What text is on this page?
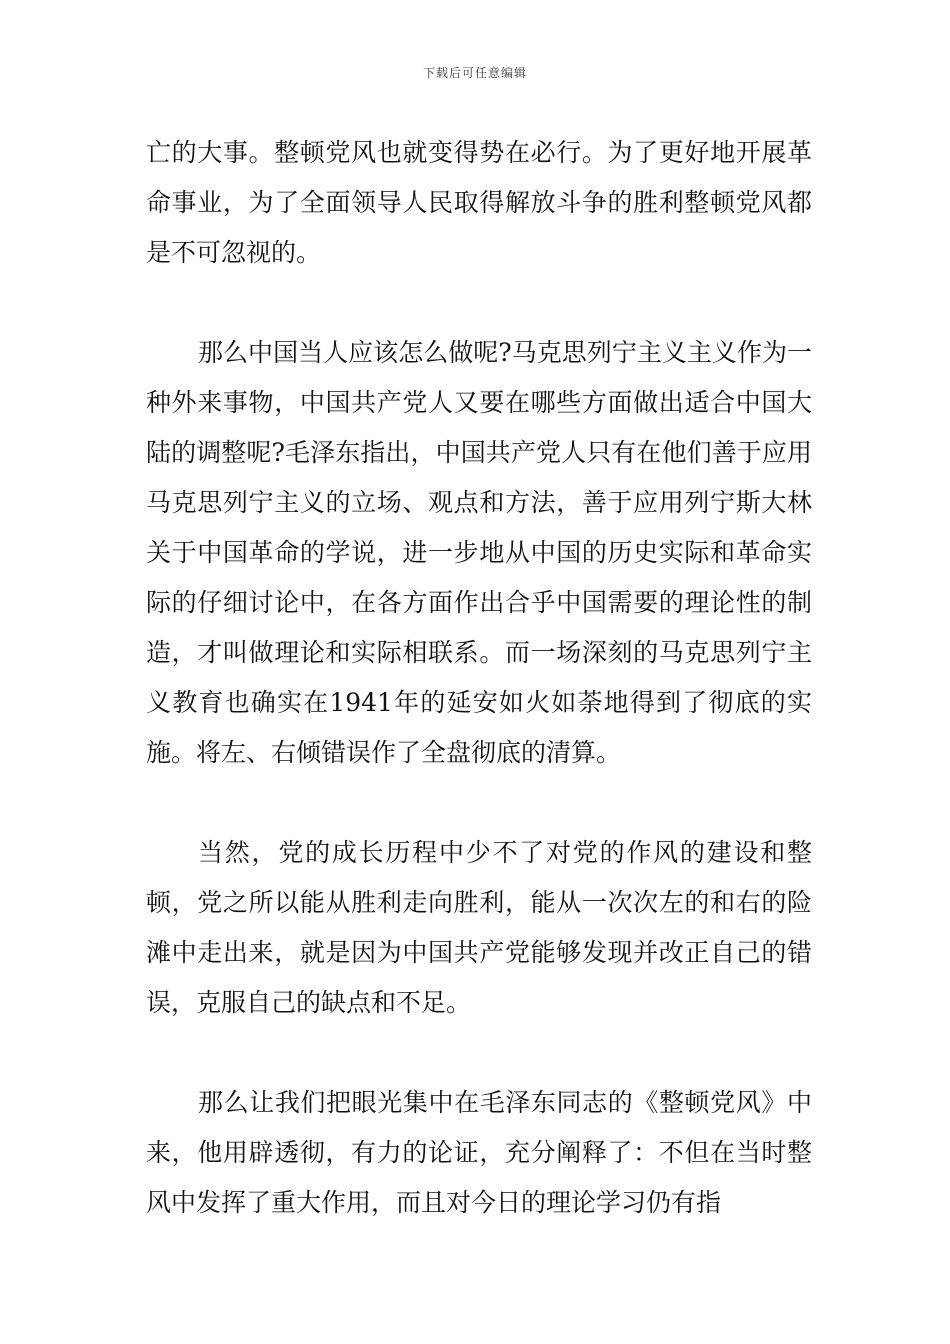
下载后可任意编辑

亡的大事。整顿党风也就变得势在必行。为了更好地开展革命事业，为了全面领导人民取得解放斗争的胜利整顿党风都是不可忽视的。

那么中国当人应该怎么做呢?马克思列宁主义主义作为一种外来事物，中国共产党人又要在哪些方面做出适合中国大陆的调整呢?毛泽东指出，中国共产党人只有在他们善于应用马克思列宁主义的立场、观点和方法，善于应用列宁斯大林关于中国革命的学说，进一步地从中国的历史实际和革命实际的仔细讨论中，在各方面作出合乎中国需要的理论性的制造，才叫做理论和实际相联系。而一场深刻的马克思列宁主义教育也确实在1941年的延安如火如荼地得到了彻底的实施。将左、右倾错误作了全盘彻底的清算。

当然，党的成长历程中少不了对党的作风的建设和整顿，党之所以能从胜利走向胜利，能从一次次左的和右的险滩中走出来，就是因为中国共产党能够发现并改正自己的错误，克服自己的缺点和不足。

那么让我们把眼光集中在毛泽东同志的《整顿党风》中来，他用辟透彻，有力的论证，充分阐释了：不但在当时整风中发挥了重大作用，而且对今日的理论学习仍有指
